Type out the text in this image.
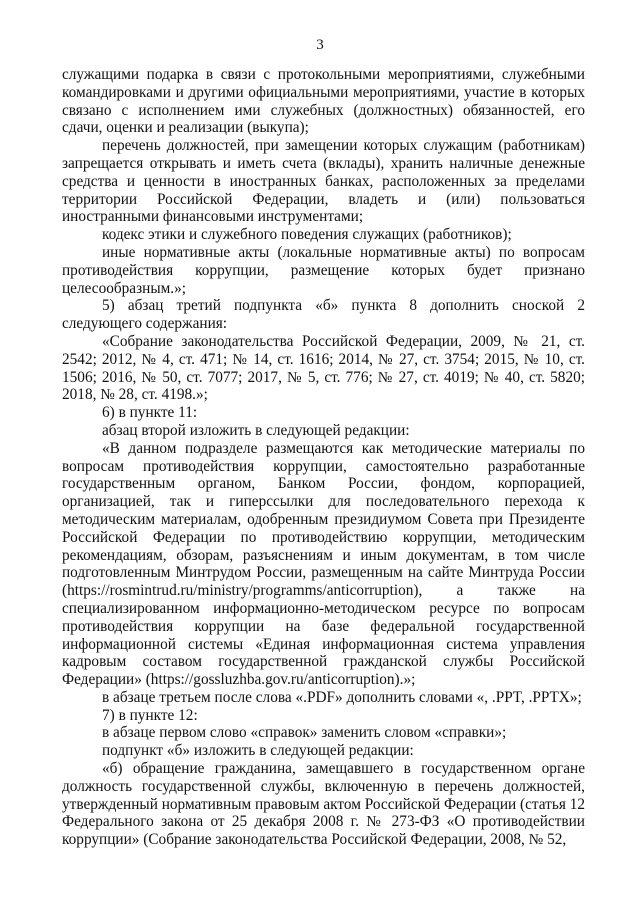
3

служащими подарка в связи с протокольными мероприятиями, служебными командировками и другими официальными мероприятиями, участие в которых связано с исполнением ими служебных (должностных) обязанностей, его сдачи, оценки и реализации (выкупа);

перечень должностей, при замещении которых служащим (работникам) запрещается открывать и иметь счета (вклады), хранить наличные денежные средства и ценности в иностранных банках, расположенных за пределами территории Российской Федерации, владеть и (или) пользоваться иностранными финансовыми инструментами;

кодекс этики и служебного поведения служащих (работников);

иные нормативные акты (локальные нормативные акты) по вопросам противодействия коррупции, размещение которых будет признано целесообразным.»;

5) абзац третий подпункта «б» пункта 8 дополнить сноской 2 следующего содержания:

«Собрание законодательства Российской Федерации, 2009, № 21, ст. 2542; 2012, № 4, ст. 471; № 14, ст. 1616; 2014, № 27, ст. 3754; 2015, № 10, ст. 1506; 2016, № 50, ст. 7077; 2017, № 5, ст. 776; № 27, ст. 4019; № 40, ст. 5820; 2018, № 28, ст. 4198.»;

6) в пункте 11:

абзац второй изложить в следующей редакции:

«В данном подразделе размещаются как методические материалы по вопросам противодействия коррупции, самостоятельно разработанные государственным органом, Банком России, фондом, корпорацией, организацией, так и гиперссылки для последовательного перехода к методическим материалам, одобренным президиумом Совета при Президенте Российской Федерации по противодействию коррупции, методическим рекомендациям, обзорам, разъяснениям и иным документам, в том числе подготовленным Минтрудом России, размещенным на сайте Минтруда России (https://rosmintrud.ru/ministry/programms/anticorruption), а также на специализированном информационно-методическом ресурсе по вопросам противодействия коррупции на базе федеральной государственной информационной системы «Единая информационная система управления кадровым составом государственной гражданской службы Российской Федерации» (https://gossluzhba.gov.ru/anticorruption).»;

в абзаце третьем после слова «.PDF» дополнить словами «, .PPT, .PPTX»;

7) в пункте 12:

в абзаце первом слово «справок» заменить словом «справки»;

подпункт «б» изложить в следующей редакции:

«б) обращение гражданина, замещавшего в государственном органе должность государственной службы, включенную в перечень должностей, утвержденный нормативным правовым актом Российской Федерации (статья 12 Федерального закона от 25 декабря 2008 г. № 273-ФЗ «О противодействии коррупции» (Собрание законодательства Российской Федерации, 2008, № 52,
